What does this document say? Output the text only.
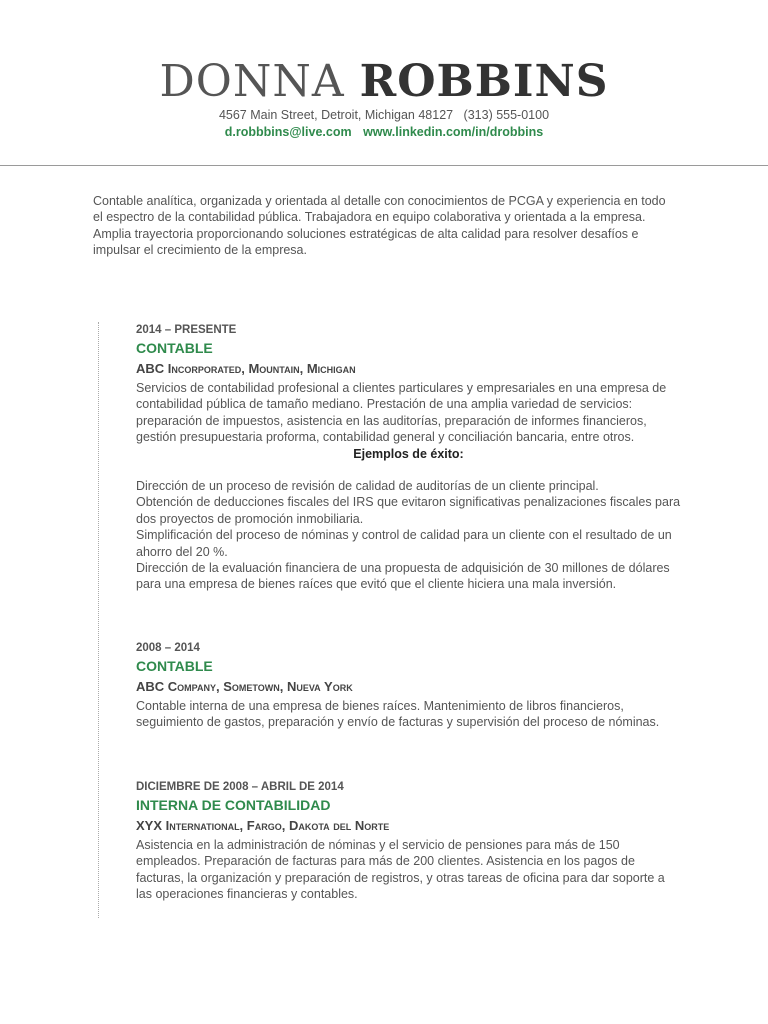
DONNA ROBBINS
4567 Main Street, Detroit, Michigan 48127 (313) 555-0100
d.robbbins@live.com www.linkedin.com/in/drobbins
Contable analítica, organizada y orientada al detalle con conocimientos de PCGA y experiencia en todo el espectro de la contabilidad pública. Trabajadora en equipo colaborativa y orientada a la empresa. Amplia trayectoria proporcionando soluciones estratégicas de alta calidad para resolver desafíos e impulsar el crecimiento de la empresa.
2014 – PRESENTE
CONTABLE
ABC Incorporated, Mountain, Michigan
Servicios de contabilidad profesional a clientes particulares y empresariales en una empresa de contabilidad pública de tamaño mediano. Prestación de una amplia variedad de servicios: preparación de impuestos, asistencia en las auditorías, preparación de informes financieros, gestión presupuestaria proforma, contabilidad general y conciliación bancaria, entre otros.
Ejemplos de éxito:
Dirección de un proceso de revisión de calidad de auditorías de un cliente principal.
Obtención de deducciones fiscales del IRS que evitaron significativas penalizaciones fiscales para dos proyectos de promoción inmobiliaria.
Simplificación del proceso de nóminas y control de calidad para un cliente con el resultado de un ahorro del 20 %.
Dirección de la evaluación financiera de una propuesta de adquisición de 30 millones de dólares para una empresa de bienes raíces que evitó que el cliente hiciera una mala inversión.
2008 – 2014
CONTABLE
ABC Company, Sometown, Nueva York
Contable interna de una empresa de bienes raíces. Mantenimiento de libros financieros, seguimiento de gastos, preparación y envío de facturas y supervisión del proceso de nóminas.
DICIEMBRE DE 2008 – ABRIL DE 2014
INTERNA DE CONTABILIDAD
XYX International, Fargo, Dakota del Norte
Asistencia en la administración de nóminas y el servicio de pensiones para más de 150 empleados. Preparación de facturas para más de 200 clientes. Asistencia en los pagos de facturas, la organización y preparación de registros, y otras tareas de oficina para dar soporte a las operaciones financieras y contables.
